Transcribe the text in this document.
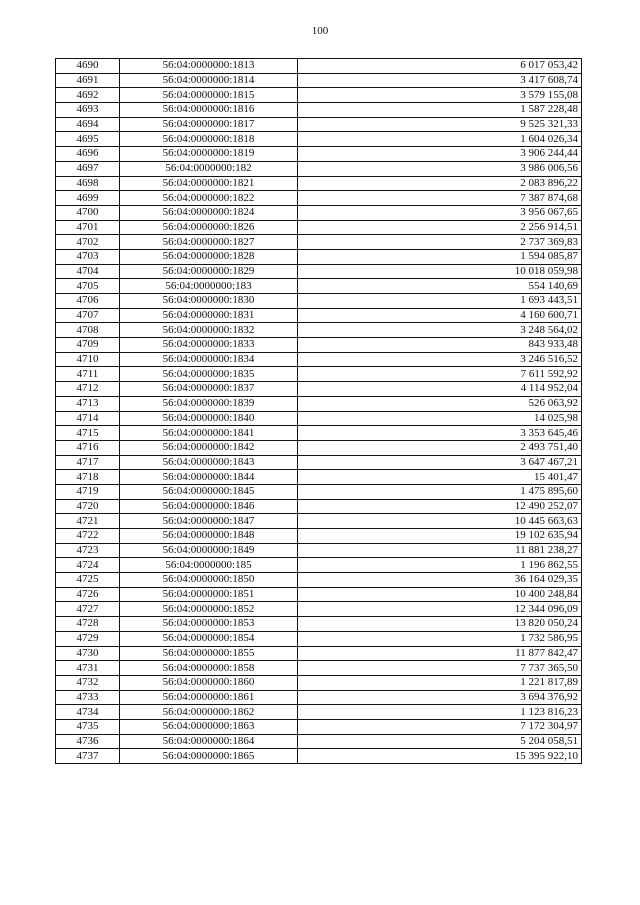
100
4690	56:04:0000000:1813	6 017 053,42
4691	56:04:0000000:1814	3 417 608,74
4692	56:04:0000000:1815	3 579 155,08
4693	56:04:0000000:1816	1 587 228,48
4694	56:04:0000000:1817	9 525 321,33
4695	56:04:0000000:1818	1 604 026,34
4696	56:04:0000000:1819	3 906 244,44
4697	56:04:0000000:182	3 986 006,56
4698	56:04:0000000:1821	2 083 896,22
4699	56:04:0000000:1822	7 387 874,68
4700	56:04:0000000:1824	3 956 067,65
4701	56:04:0000000:1826	2 256 914,51
4702	56:04:0000000:1827	2 737 369,83
4703	56:04:0000000:1828	1 594 085,87
4704	56:04:0000000:1829	10 018 059,98
4705	56:04:0000000:183	554 140,69
4706	56:04:0000000:1830	1 693 443,51
4707	56:04:0000000:1831	4 160 600,71
4708	56:04:0000000:1832	3 248 564,02
4709	56:04:0000000:1833	843 933,48
4710	56:04:0000000:1834	3 246 516,52
4711	56:04:0000000:1835	7 611 592,92
4712	56:04:0000000:1837	4 114 952,04
4713	56:04:0000000:1839	526 063,92
4714	56:04:0000000:1840	14 025,98
4715	56:04:0000000:1841	3 353 645,46
4716	56:04:0000000:1842	2 493 751,40
4717	56:04:0000000:1843	3 647 467,21
4718	56:04:0000000:1844	15 401,47
4719	56:04:0000000:1845	1 475 895,60
4720	56:04:0000000:1846	12 490 252,07
4721	56:04:0000000:1847	10 445 663,63
4722	56:04:0000000:1848	19 102 635,94
4723	56:04:0000000:1849	11 881 238,27
4724	56:04:0000000:185	1 196 862,55
4725	56:04:0000000:1850	36 164 029,35
4726	56:04:0000000:1851	10 400 248,84
4727	56:04:0000000:1852	12 344 096,09
4728	56:04:0000000:1853	13 820 050,24
4729	56:04:0000000:1854	1 732 586,95
4730	56:04:0000000:1855	11 877 842,47
4731	56:04:0000000:1858	7 737 365,50
4732	56:04:0000000:1860	1 221 817,89
4733	56:04:0000000:1861	3 694 376,92
4734	56:04:0000000:1862	1 123 816,23
4735	56:04:0000000:1863	7 172 304,97
4736	56:04:0000000:1864	5 204 058,51
4737	56:04:0000000:1865	15 395 922,10
